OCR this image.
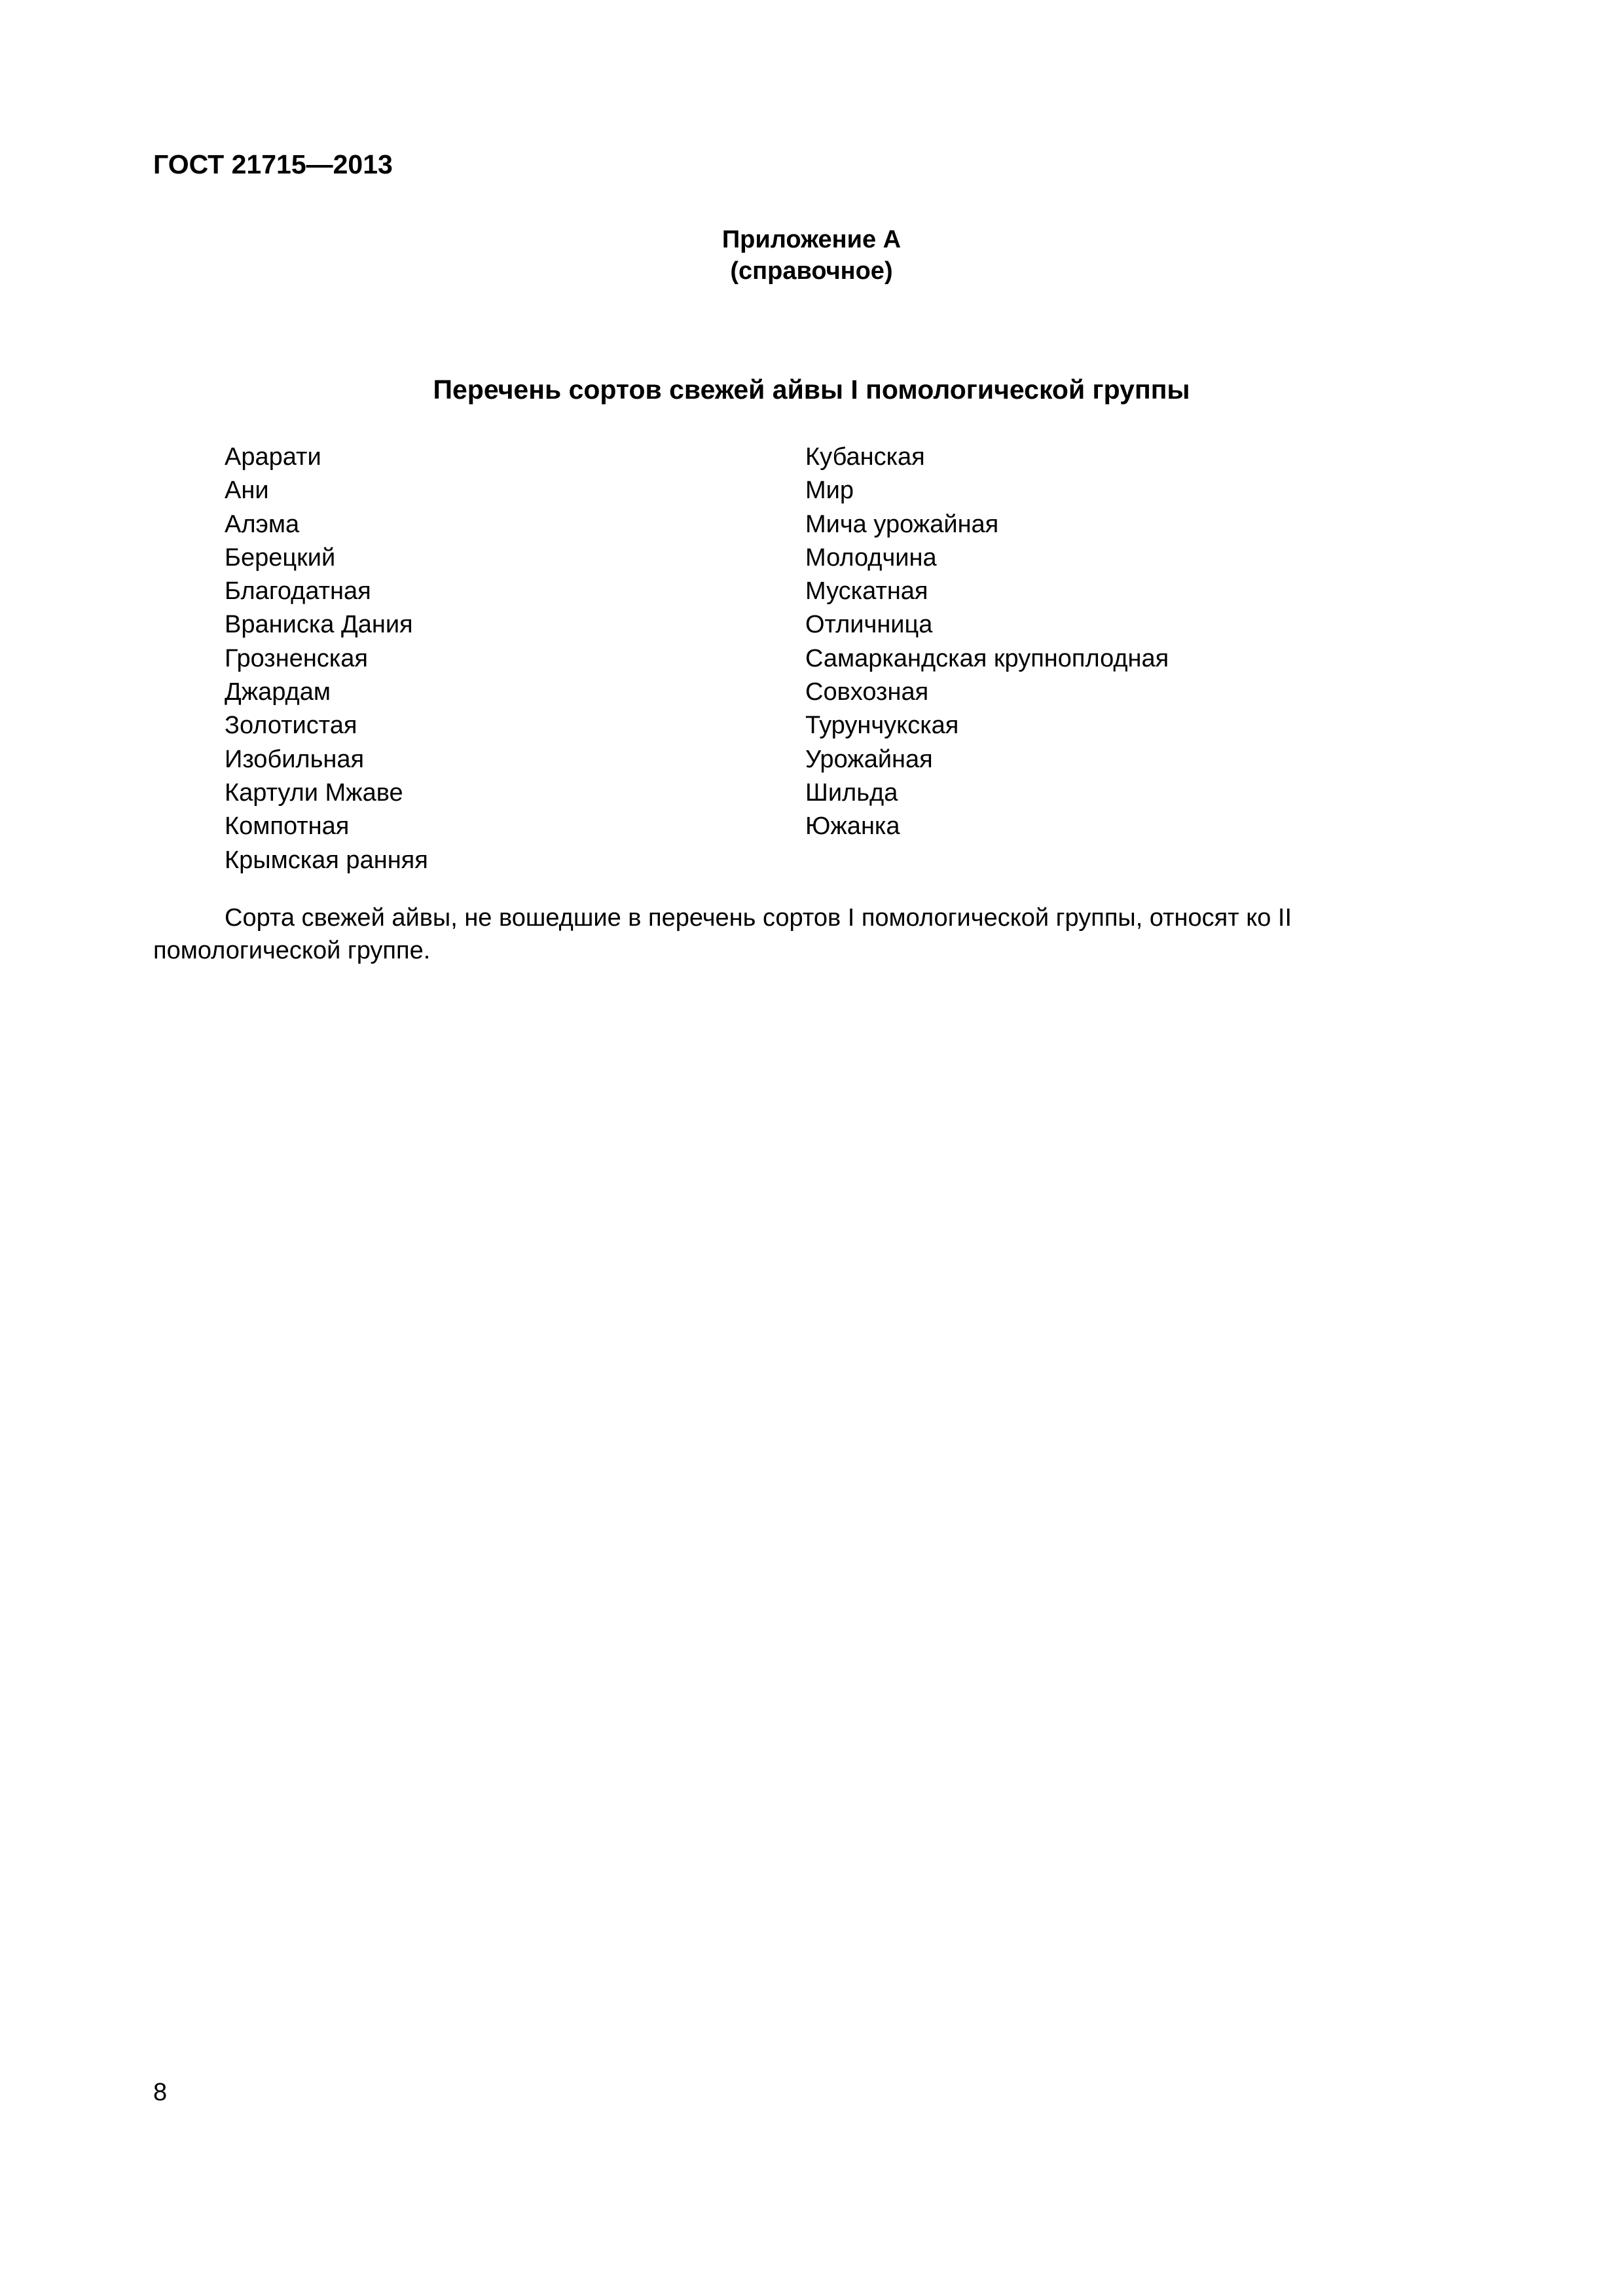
ГОСТ 21715—2013
Приложение А
(справочное)
Перечень сортов свежей айвы I помологической группы
Арарати
Ани
Алэма
Берецкий
Благодатная
Враниска Дания
Грозненская
Джардам
Золотистая
Изобильная
Картули Мжаве
Компотная
Крымская ранняя
Кубанская
Мир
Мича урожайная
Молодчина
Мускатная
Отличница
Самаркандская крупноплодная
Совхозная
Турунчукская
Урожайная
Шильда
Южанка

Сорта свежей айвы, не вошедшие в перечень сортов I помологической группы, относят ко II помологической группе.

8
